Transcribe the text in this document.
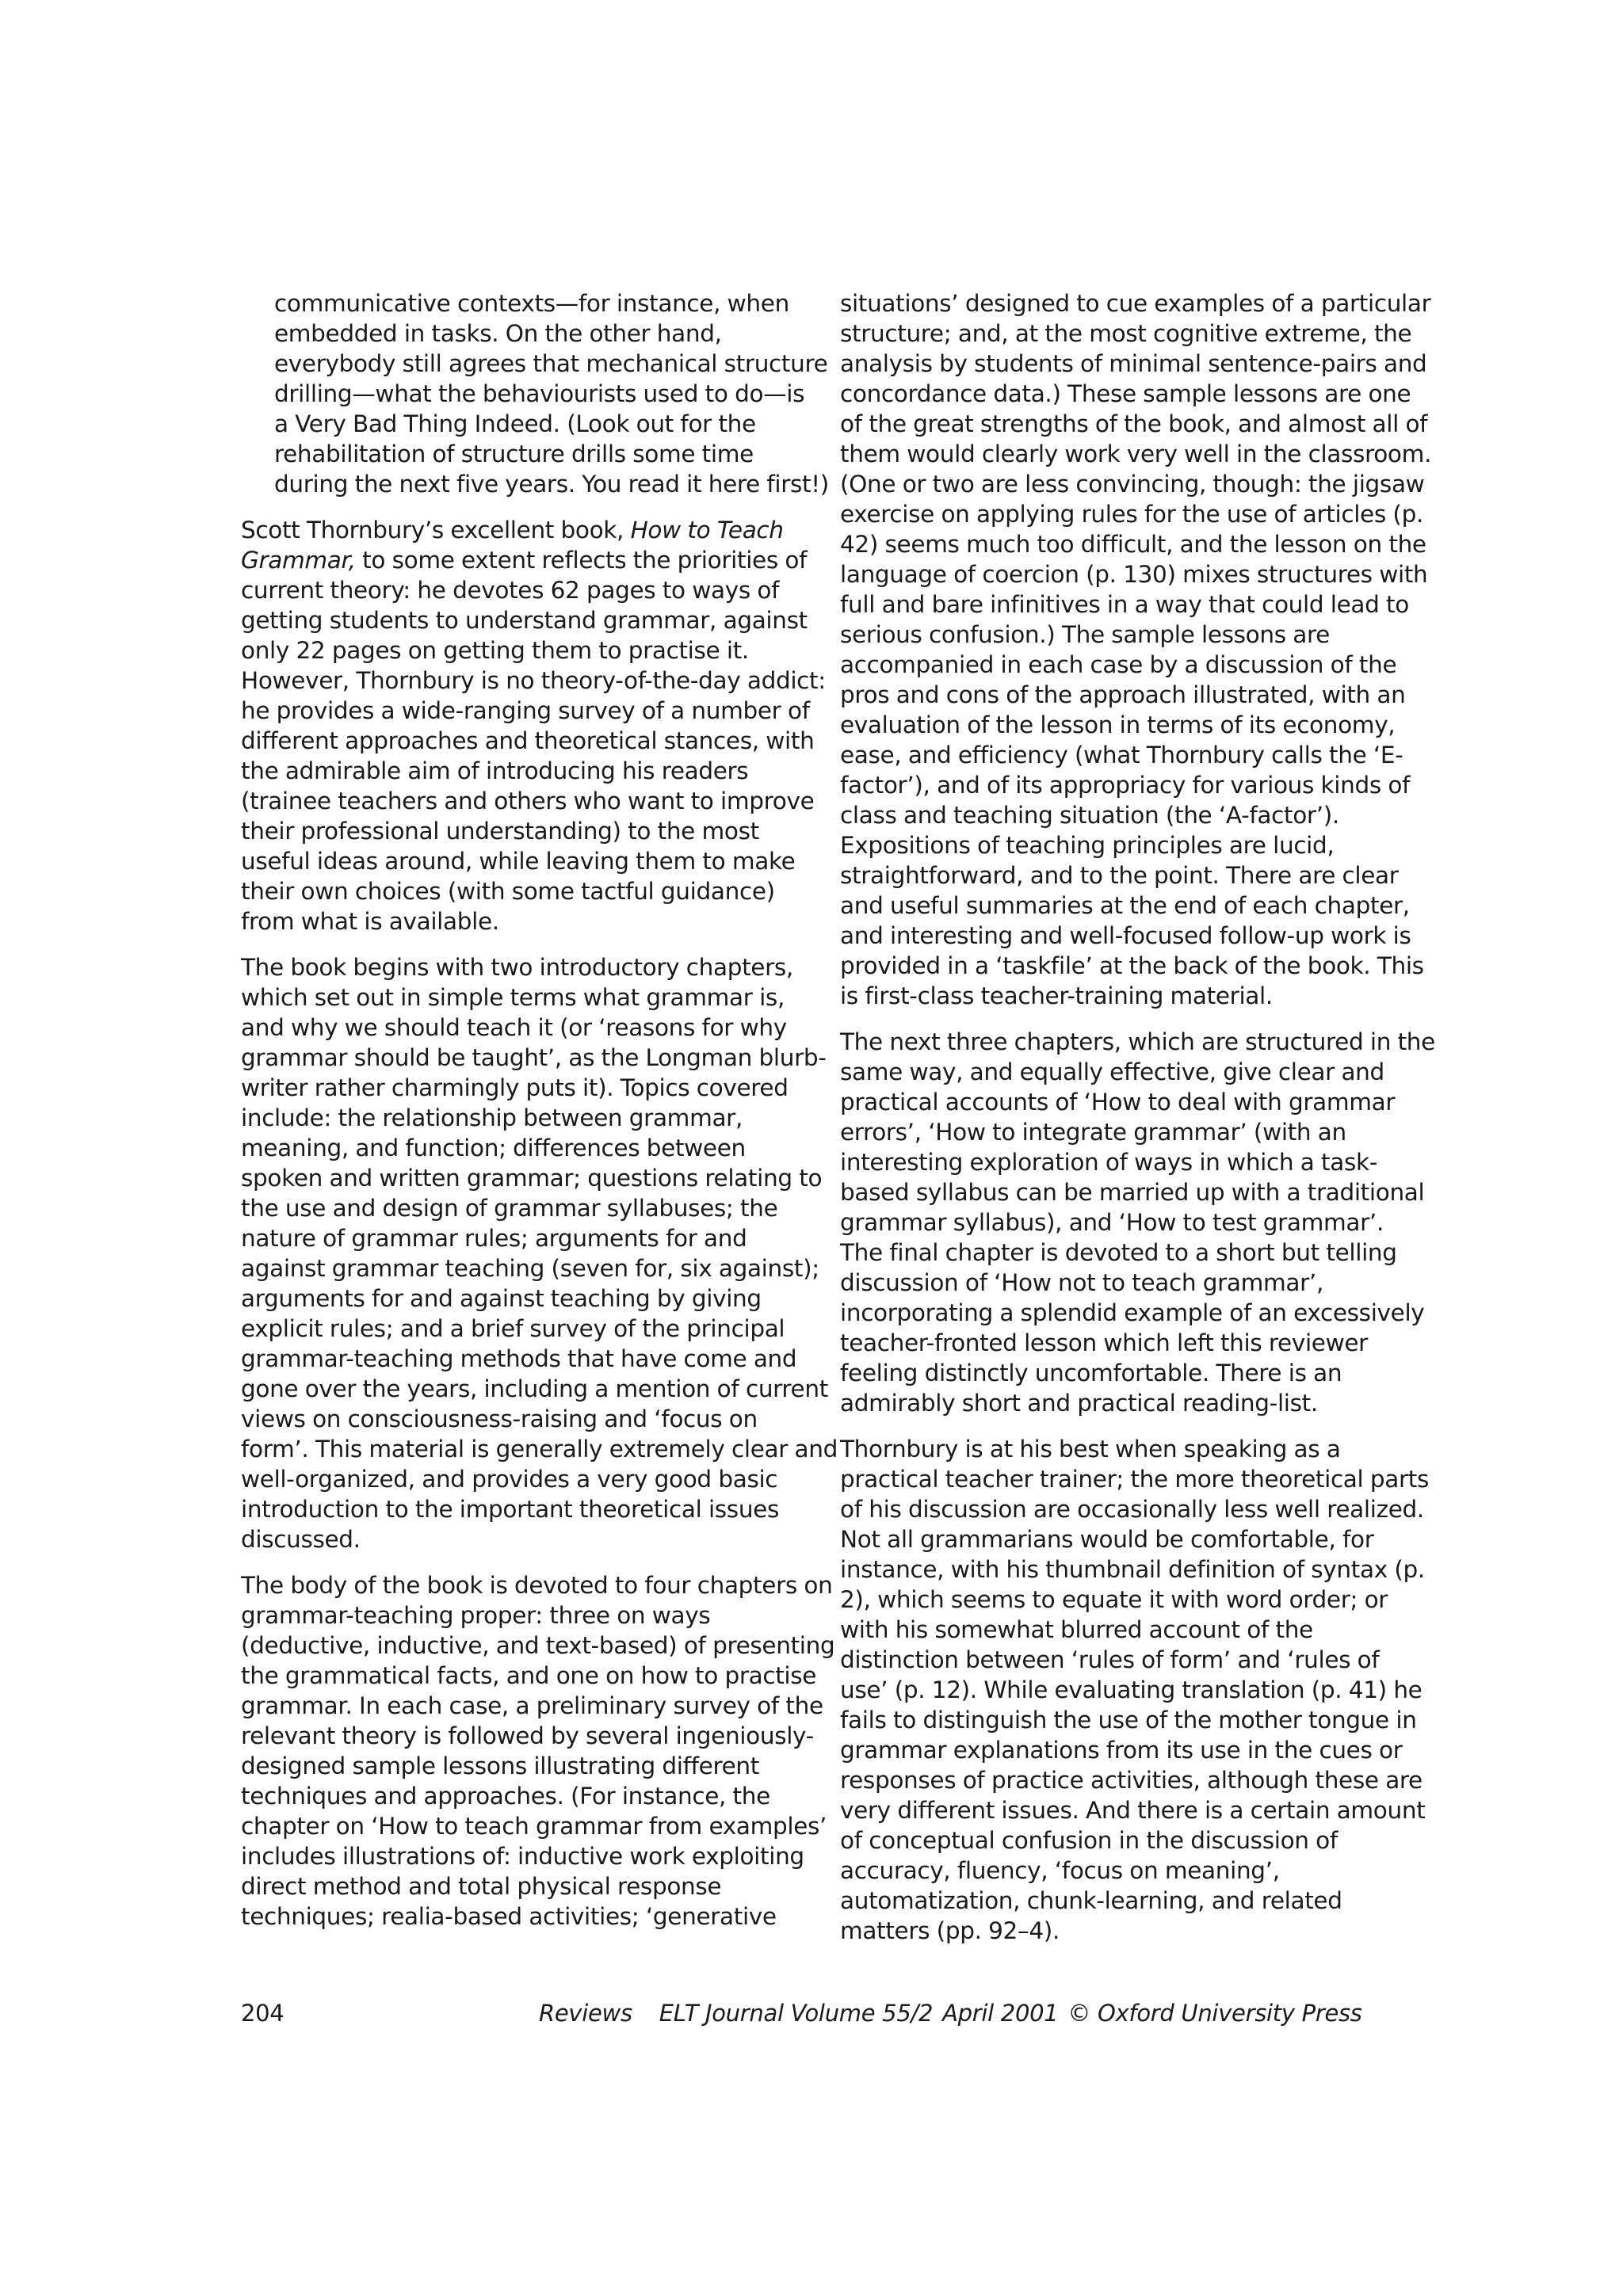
communicative contexts—for instance, when
embedded in tasks. On the other hand,
everybody still agrees that mechanical structure
drilling—what the behaviourists used to do—is
a Very Bad Thing Indeed. (Look out for the
rehabilitation of structure drills some time
during the next five years. You read it here first!)
Scott Thornbury’s excellent book, How to Teach
Grammar, to some extent reflects the priorities of
current theory: he devotes 62 pages to ways of
getting students to understand grammar, against
only 22 pages on getting them to practise it.
However, Thornbury is no theory-of-the-day addict:
he provides a wide-ranging survey of a number of
different approaches and theoretical stances, with
the admirable aim of introducing his readers
(trainee teachers and others who want to improve
their professional understanding) to the most
useful ideas around, while leaving them to make
their own choices (with some tactful guidance)
from what is available.
The book begins with two introductory chapters,
which set out in simple terms what grammar is,
and why we should teach it (or ‘reasons for why
grammar should be taught’, as the Longman blurb-
writer rather charmingly puts it). Topics covered
include: the relationship between grammar,
meaning, and function; differences between
spoken and written grammar; questions relating to
the use and design of grammar syllabuses; the
nature of grammar rules; arguments for and
against grammar teaching (seven for, six against);
arguments for and against teaching by giving
explicit rules; and a brief survey of the principal
grammar-teaching methods that have come and
gone over the years, including a mention of current
views on consciousness-raising and ‘focus on
form’. This material is generally extremely clear and
well-organized, and provides a very good basic
introduction to the important theoretical issues
discussed.
The body of the book is devoted to four chapters on
grammar-teaching proper: three on ways
(deductive, inductive, and text-based) of presenting
the grammatical facts, and one on how to practise
grammar. In each case, a preliminary survey of the
relevant theory is followed by several ingeniously-
designed sample lessons illustrating different
techniques and approaches. (For instance, the
chapter on ‘How to teach grammar from examples’
includes illustrations of: inductive work exploiting
direct method and total physical response
techniques; realia-based activities; ‘generative
situations’ designed to cue examples of a particular
structure; and, at the most cognitive extreme, the
analysis by students of minimal sentence-pairs and
concordance data.) These sample lessons are one
of the great strengths of the book, and almost all of
them would clearly work very well in the classroom.
(One or two are less convincing, though: the jigsaw
exercise on applying rules for the use of articles (p.
42) seems much too difficult, and the lesson on the
language of coercion (p. 130) mixes structures with
full and bare infinitives in a way that could lead to
serious confusion.) The sample lessons are
accompanied in each case by a discussion of the
pros and cons of the approach illustrated, with an
evaluation of the lesson in terms of its economy,
ease, and efficiency (what Thornbury calls the ‘E-
factor’), and of its appropriacy for various kinds of
class and teaching situation (the ‘A-factor’).
Expositions of teaching principles are lucid,
straightforward, and to the point. There are clear
and useful summaries at the end of each chapter,
and interesting and well-focused follow-up work is
provided in a ‘taskfile’ at the back of the book. This
is first-class teacher-training material.
The next three chapters, which are structured in the
same way, and equally effective, give clear and
practical accounts of ‘How to deal with grammar
errors’, ‘How to integrate grammar’ (with an
interesting exploration of ways in which a task-
based syllabus can be married up with a traditional
grammar syllabus), and ‘How to test grammar’.
The final chapter is devoted to a short but telling
discussion of ‘How not to teach grammar’,
incorporating a splendid example of an excessively
teacher-fronted lesson which left this reviewer
feeling distinctly uncomfortable. There is an
admirably short and practical reading-list.
Thornbury is at his best when speaking as a
practical teacher trainer; the more theoretical parts
of his discussion are occasionally less well realized.
Not all grammarians would be comfortable, for
instance, with his thumbnail definition of syntax (p.
2), which seems to equate it with word order; or
with his somewhat blurred account of the
distinction between ‘rules of form’ and ‘rules of
use’ (p. 12). While evaluating translation (p. 41) he
fails to distinguish the use of the mother tongue in
grammar explanations from its use in the cues or
responses of practice activities, although these are
very different issues. And there is a certain amount
of conceptual confusion in the discussion of
accuracy, fluency, ‘focus on meaning’,
automatization, chunk-learning, and related
matters (pp. 92–4).
204	Reviews ELT Journal Volume 55/2 April 2001 © Oxford University Press
